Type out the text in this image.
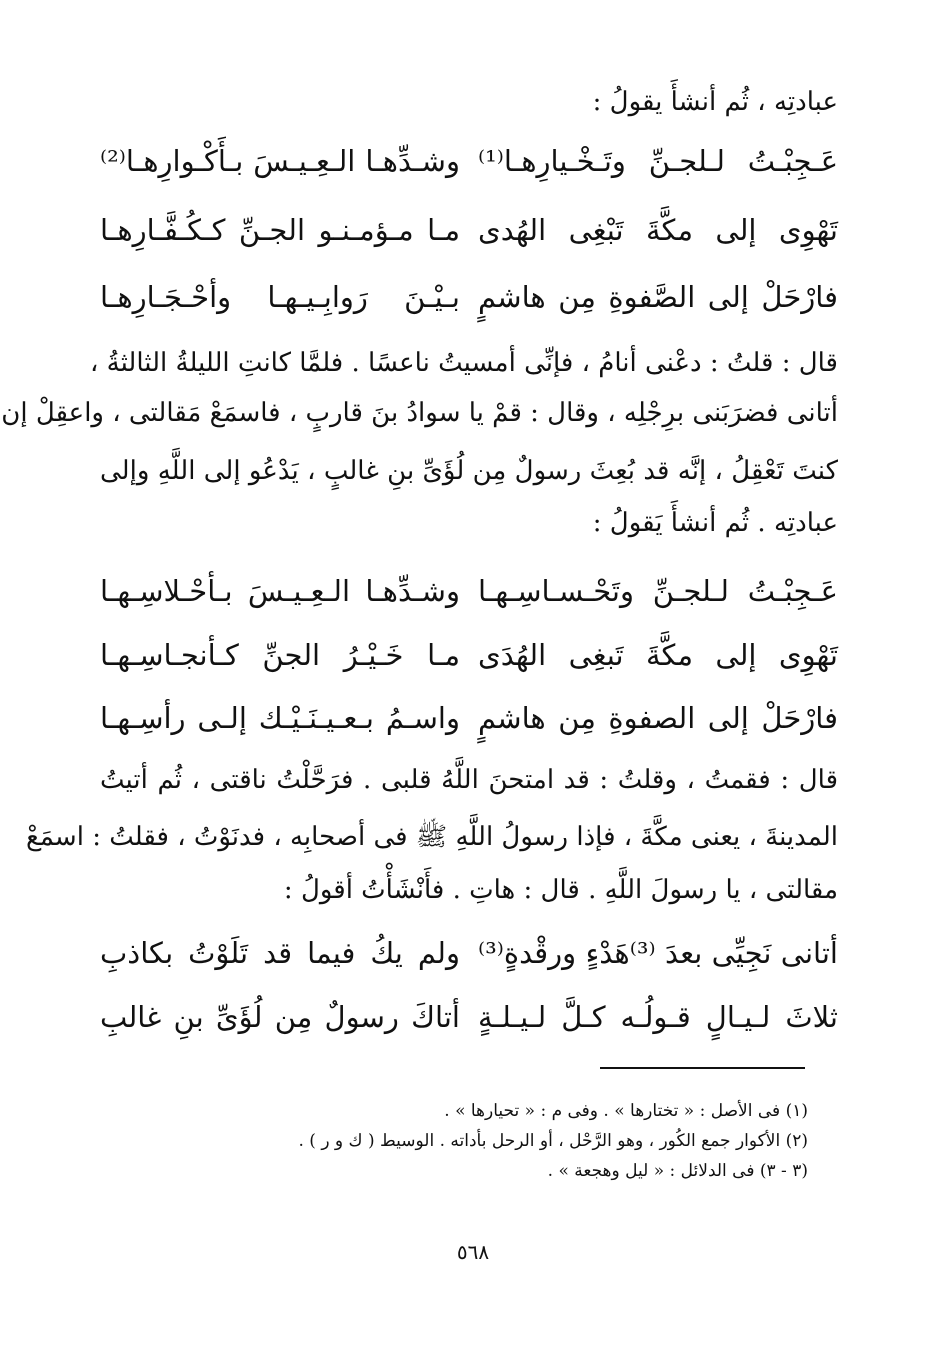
عبادتِه ، ثُم أنشأَ يقولُ :
عَـجِبْـتُ لـلجـنِّ وتَـخْـيارِهـا⁽¹⁾
وشـدِّهـا الـعِـيـسَ بـأَكْـوارِهـا⁽²⁾
تَهْوِى إلى مكَّةَ تَبْغِى الهُدى
مـا مـؤمـنـو الجـنِّ كـكُـفَّـارِهـا
فارْحَلْ إلى الصَّفوةِ مِن هاشمٍ
بـيْـنَ رَوابِـيـهـا وأحْـجَـارِهـا
قال : قلتُ : دعْنى أنامُ ، فإنِّى أمسيتُ ناعسًا . فلمَّا كانتِ الليلةُ الثالثةُ ،
أتانى فضرَبَنى برِجْلِه ، وقال : قمْ يا سوادُ بنَ قاربٍ ، فاسمَعْ مَقالتى ، واعقِلْ إن
كنتَ تَعْقِلُ ، إنَّه قد بُعِثَ رسولٌ مِن لُؤَىِّ بنِ غالبٍ ، يَدْعُو إلى اللَّهِ وإلى
عبادتِه . ثُم أنشأَ يَقولُ :
عَـجِبْـتُ لـلجـنِّ وتَحْـسـاسِـهـا
وشـدِّهـا الـعِـيـسَ بـأحْـلاسِـهـا
تَهْوِى إلى مكَّةَ تَبغِى الهُدَى
مـا خَـيْـرُ الجنِّ كـأنجـاسِـهـا
فارْحَلْ إلى الصفوةِ مِن هاشمٍ
واسـمُ بـعـيـنَـيْـك إلـى رأسِـهـا
قال : فقمتُ ، وقلتُ : قد امتحنَ اللَّهُ قلبى . فرَحَّلْتُ ناقتى ، ثُم أتيتُ
المدينةَ ، يعنى مكَّةَ ، فإذا رسولُ اللَّهِ ﷺ فى أصحابِه ، فدنَوْتُ ، فقلتُ : اسمَعْ
مقالتى ، يا رسولَ اللَّهِ . قال : هاتِ . فأَنْشَأْتُ أقولُ :
أتانى نَجِيِّى بعدَ ⁽³⁾هَدْءٍ ورقْدةٍ⁽³⁾
ولم يكُ فيما قد تَلَوْتُ بكاذبِ
ثلاثَ لـيـالٍ قـولُـه كـلَّ لـيـلـةٍ
أتاكَ رسولٌ مِن لُؤَىِّ بنِ غالبِ
(١) فى الأصل : « تختارها » . وفى م : « تحيارها » .
(٢) الأكوار جمع الكُور ، وهو الرَّحْل ، أو الرحل بأداته . الوسيط ( ك و ر ) .
(٣ - ٣) فى الدلائل : « ليل وهجعة » .
٥٦٨
